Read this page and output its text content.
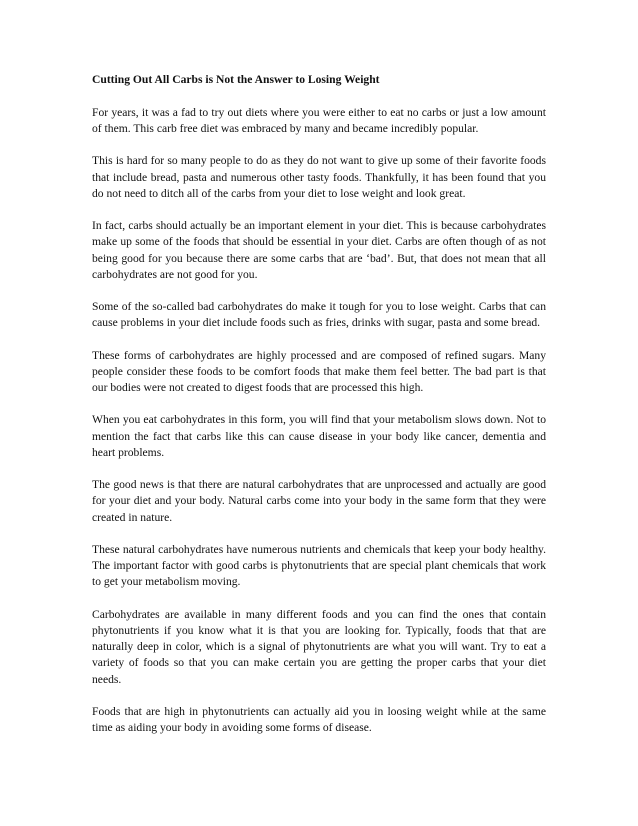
Cutting Out All Carbs is Not the Answer to Losing Weight

For years, it was a fad to try out diets where you were either to eat no carbs or just a low amount of them. This carb free diet was embraced by many and became incredibly popular.

This is hard for so many people to do as they do not want to give up some of their favorite foods that include bread, pasta and numerous other tasty foods. Thankfully, it has been found that you do not need to ditch all of the carbs from your diet to lose weight and look great.

In fact, carbs should actually be an important element in your diet. This is because carbohydrates make up some of the foods that should be essential in your diet. Carbs are often though of as not being good for you because there are some carbs that are ‘bad’. But, that does not mean that all carbohydrates are not good for you.

Some of the so-called bad carbohydrates do make it tough for you to lose weight. Carbs that can cause problems in your diet include foods such as fries, drinks with sugar, pasta and some bread.

These forms of carbohydrates are highly processed and are composed of refined sugars. Many people consider these foods to be comfort foods that make them feel better. The bad part is that our bodies were not created to digest foods that are processed this high.

When you eat carbohydrates in this form, you will find that your metabolism slows down. Not to mention the fact that carbs like this can cause disease in your body like cancer, dementia and heart problems.

The good news is that there are natural carbohydrates that are unprocessed and actually are good for your diet and your body. Natural carbs come into your body in the same form that they were created in nature.

These natural carbohydrates have numerous nutrients and chemicals that keep your body healthy. The important factor with good carbs is phytonutrients that are special plant chemicals that work to get your metabolism moving.

Carbohydrates are available in many different foods and you can find the ones that contain phytonutrients if you know what it is that you are looking for. Typically, foods that that are naturally deep in color, which is a signal of phytonutrients are what you will want. Try to eat a variety of foods so that you can make certain you are getting the proper carbs that your diet needs.

Foods that are high in phytonutrients can actually aid you in loosing weight while at the same time as aiding your body in avoiding some forms of disease.
